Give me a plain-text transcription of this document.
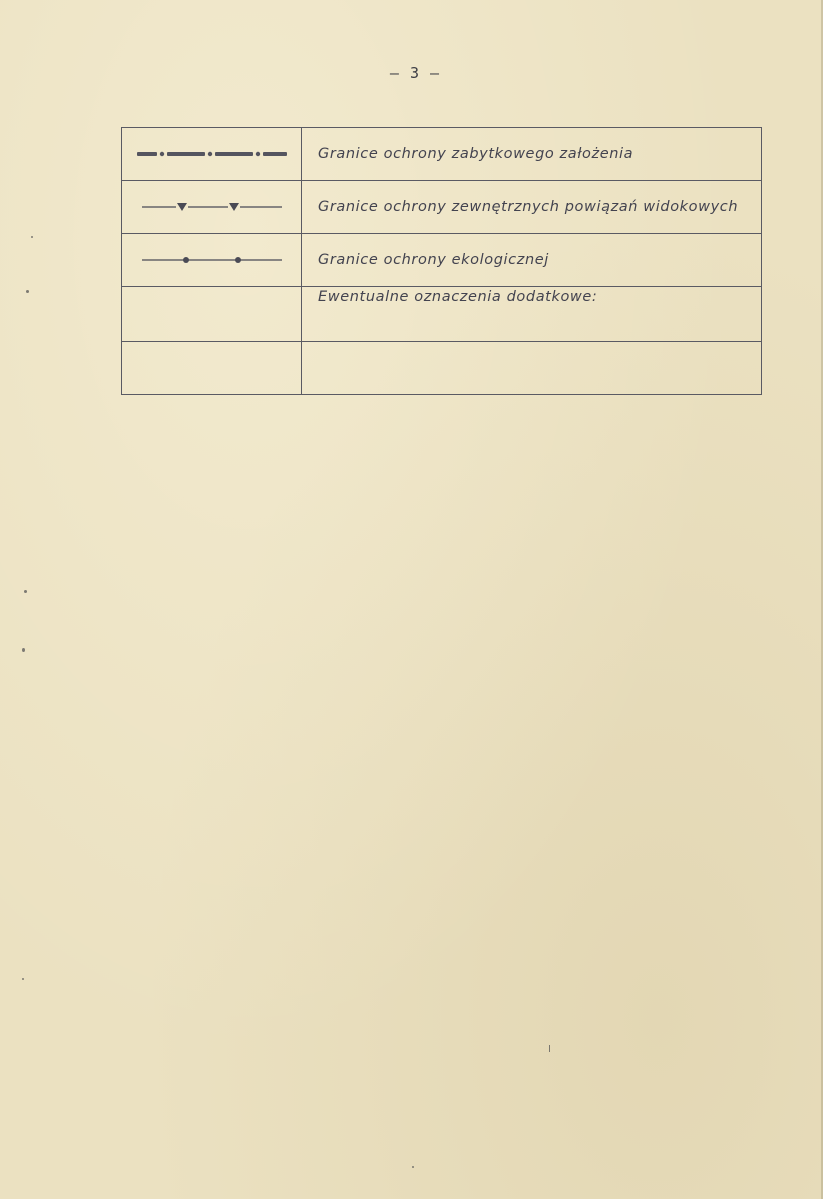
– 3 –
	Granice ochrony zabytkowego założenia

	Granice ochrony zewnętrznych powiązań widokowych

	Granice ochrony ekologicznej
	Ewentualne oznaczenia dodatkowe:
